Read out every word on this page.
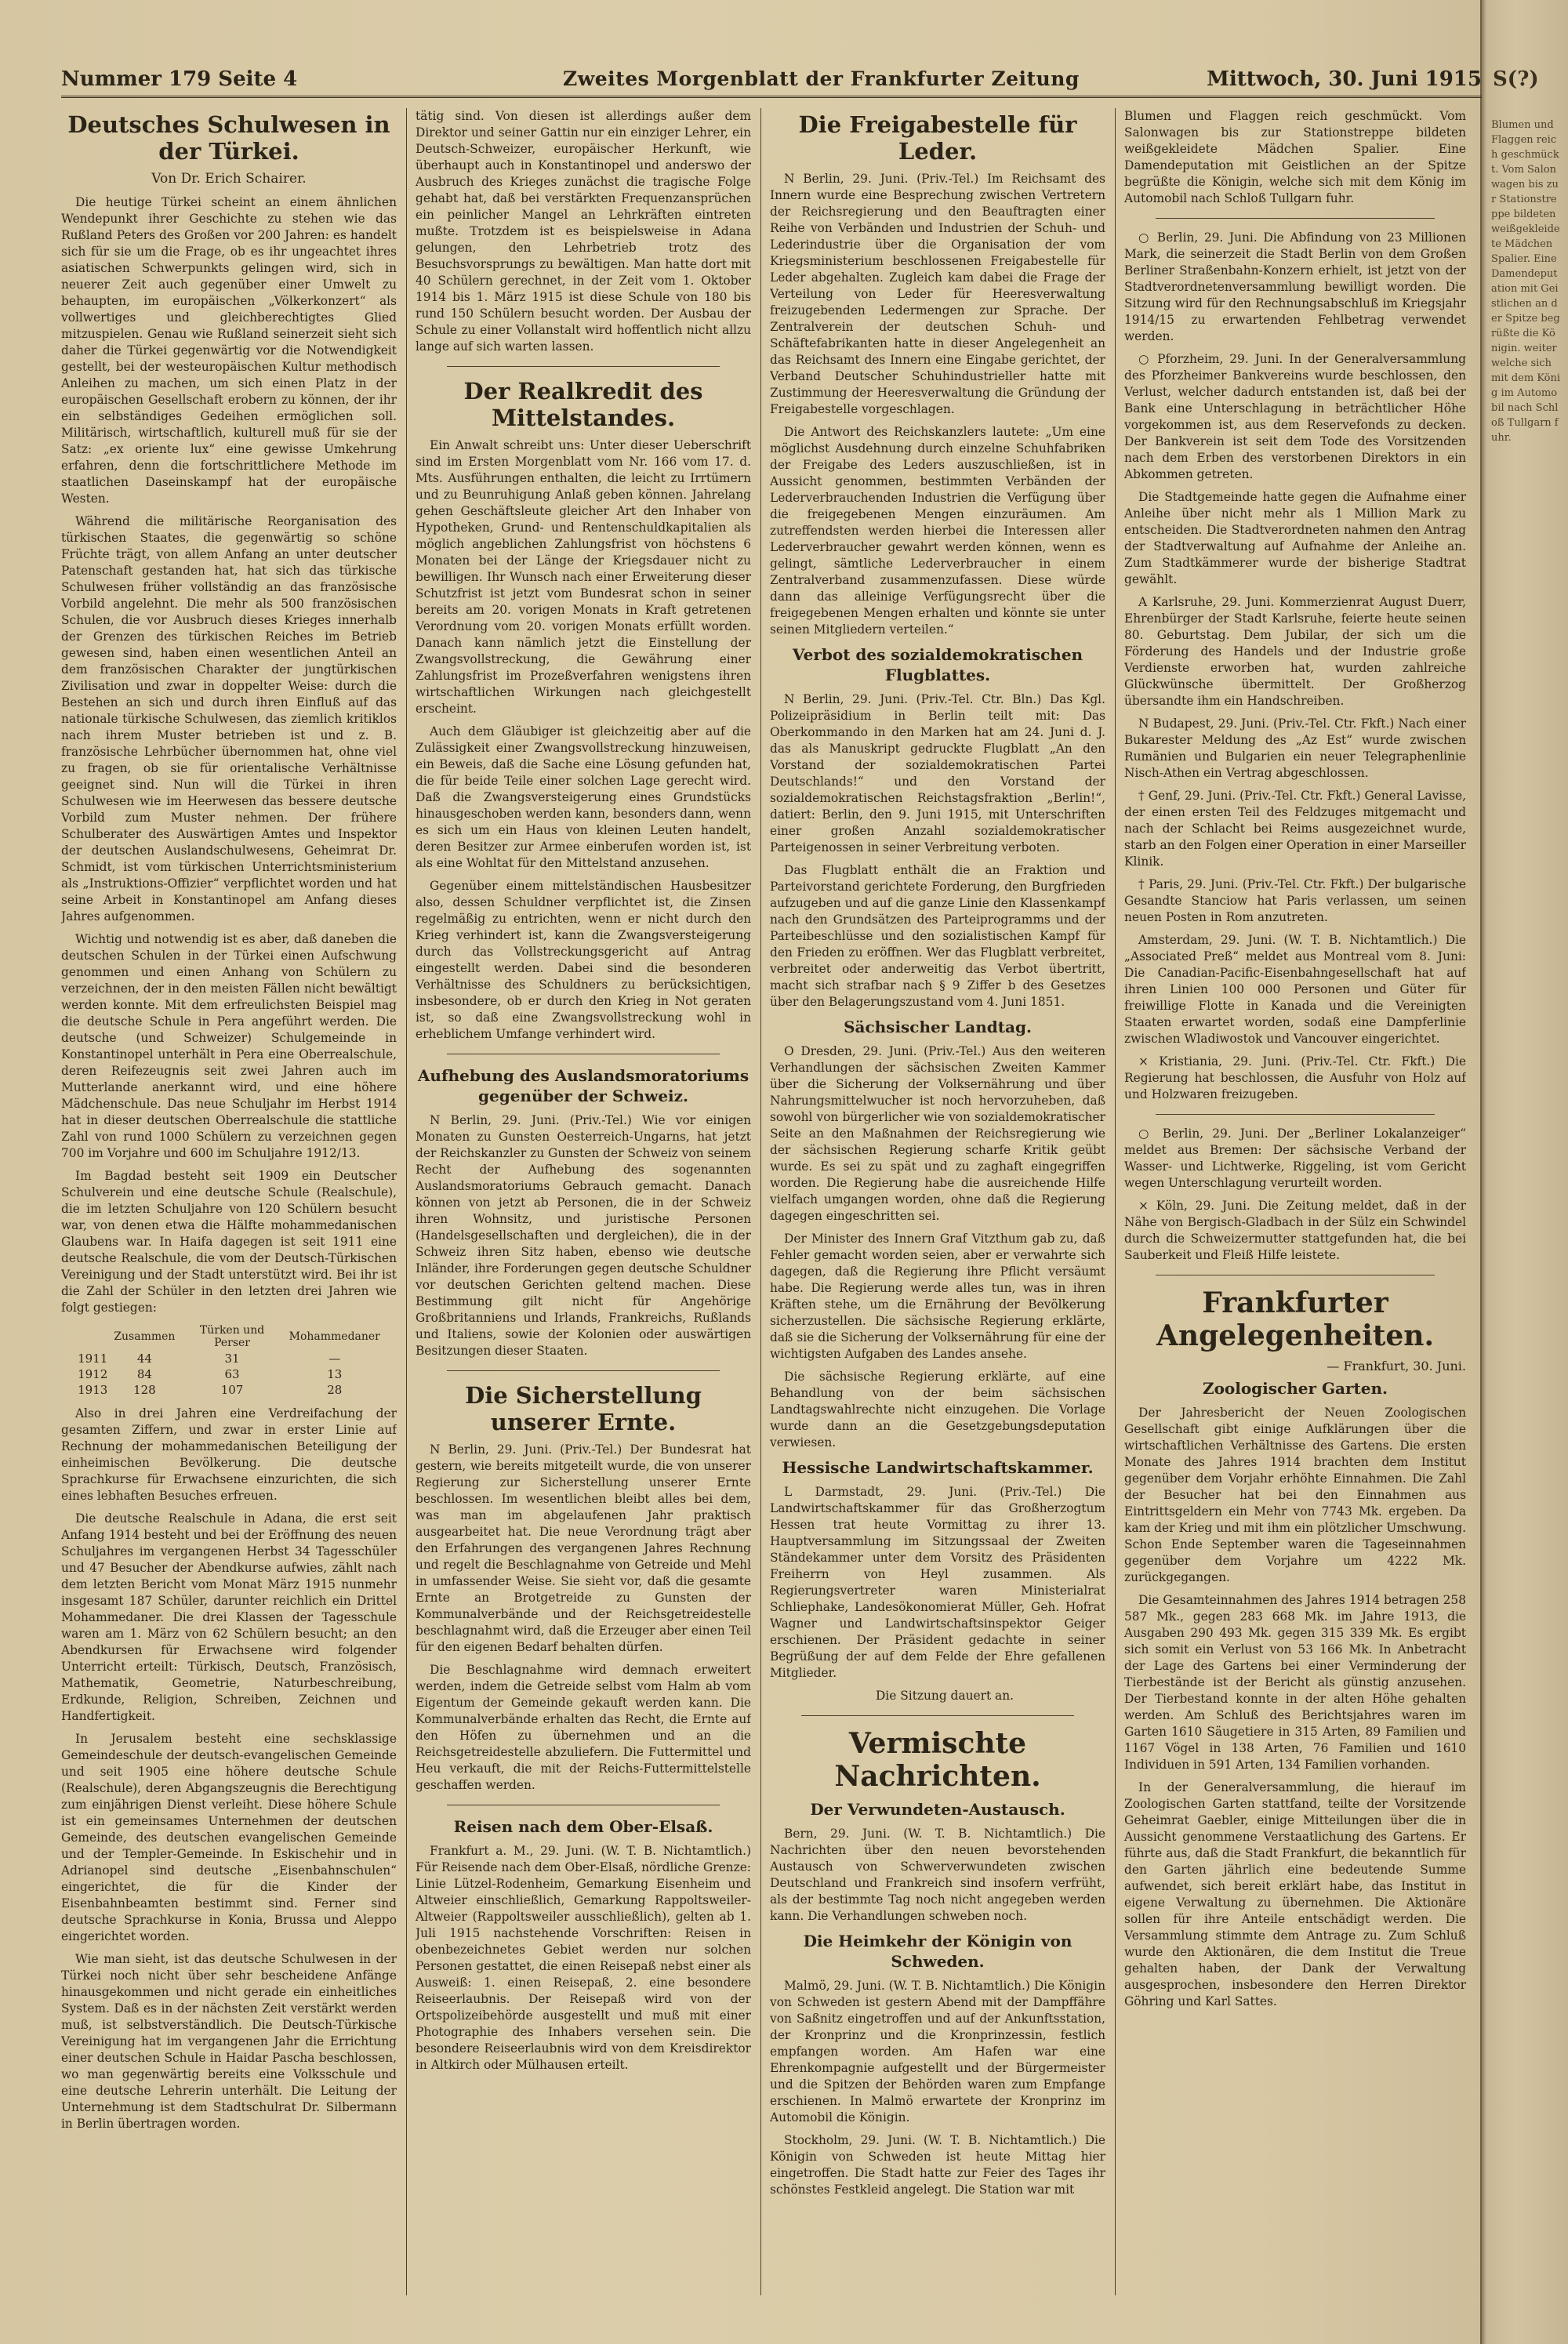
S(?)
Blumen und Flaggen reich geschmückt. Vom Salonwagen bis zur Stationstreppe bildeten weißgekleidete Mädchen Spalier. Eine Damendeputation mit Geistlichen an der Spitze begrüßte die Königin. weiter welche sich mit dem König im Automobil nach Schloß Tullgarn fuhr.
Nummer 179 Seite 4	Zweites Morgenblatt der Frankfurter Zeitung	Mittwoch, 30. Juni 1915
Deutsches Schulwesen in der Türkei.
Von Dr. Erich Schairer.

Die heutige Türkei scheint an einem ähnlichen Wendepunkt ihrer Geschichte zu stehen wie das Rußland Peters des Großen vor 200 Jahren: es handelt sich für sie um die Frage, ob es ihr ungeachtet ihres asiatischen Schwerpunkts gelingen wird, sich in neuerer Zeit auch gegenüber einer Umwelt zu behaupten, im europäischen „Völkerkonzert“ als vollwertiges und gleichberechtigtes Glied mitzuspielen. Genau wie Rußland seinerzeit sieht sich daher die Türkei gegenwärtig vor die Notwendigkeit gestellt, bei der westeuropäischen Kultur methodisch Anleihen zu machen, um sich einen Platz in der europäischen Gesellschaft erobern zu können, der ihr ein selbständiges Gedeihen ermöglichen soll. Militärisch, wirtschaftlich, kulturell muß für sie der Satz: „ex oriente lux“ eine gewisse Umkehrung erfahren, denn die fortschrittlichere Methode im staatlichen Daseinskampf hat der europäische Westen.

Während die militärische Reorganisation des türkischen Staates, die gegenwärtig so schöne Früchte trägt, von allem Anfang an unter deutscher Patenschaft gestanden hat, hat sich das türkische Schulwesen früher vollständig an das französische Vorbild angelehnt. Die mehr als 500 französischen Schulen, die vor Ausbruch dieses Krieges innerhalb der Grenzen des türkischen Reiches im Betrieb gewesen sind, haben einen wesentlichen Anteil an dem französischen Charakter der jungtürkischen Zivilisation und zwar in doppelter Weise: durch die Bestehen an sich und durch ihren Einfluß auf das nationale türkische Schulwesen, das ziemlich kritiklos nach ihrem Muster betrieben ist und z. B. französische Lehrbücher übernommen hat, ohne viel zu fragen, ob sie für orientalische Verhältnisse geeignet sind. Nun will die Türkei in ihren Schulwesen wie im Heerwesen das bessere deutsche Vorbild zum Muster nehmen. Der frühere Schulberater des Auswärtigen Amtes und Inspektor der deutschen Auslandschulwesens, Geheimrat Dr. Schmidt, ist vom türkischen Unterrichtsministerium als „Instruktions-Offizier“ verpflichtet worden und hat seine Arbeit in Konstantinopel am Anfang dieses Jahres aufgenommen.

Wichtig und notwendig ist es aber, daß daneben die deutschen Schulen in der Türkei einen Aufschwung genommen und einen Anhang von Schülern zu verzeichnen, der in den meisten Fällen nicht bewältigt werden konnte. Mit dem erfreulichsten Beispiel mag die deutsche Schule in Pera angeführt werden. Die deutsche (und Schweizer) Schulgemeinde in Konstantinopel unterhält in Pera eine Oberrealschule, deren Reifezeugnis seit zwei Jahren auch im Mutterlande anerkannt wird, und eine höhere Mädchenschule. Das neue Schuljahr im Herbst 1914 hat in dieser deutschen Oberrealschule die stattliche Zahl von rund 1000 Schülern zu verzeichnen gegen 700 im Vorjahre und 600 im Schuljahre 1912/13.

Im Bagdad besteht seit 1909 ein Deutscher Schulverein und eine deutsche Schule (Realschule), die im letzten Schuljahre von 120 Schülern besucht war, von denen etwa die Hälfte mohammedanischen Glaubens war. In Haifa dagegen ist seit 1911 eine deutsche Realschule, die vom der Deutsch-Türkischen Vereinigung und der Stadt unterstützt wird. Bei ihr ist die Zahl der Schüler in den letzten drei Jahren wie folgt gestiegen:

	Zusammen	Türken und Perser	Mohammedaner
1911	44	31	—
1912	84	63	13
1913	128	107	28

Also in drei Jahren eine Verdreifachung der gesamten Ziffern, und zwar in erster Linie auf Rechnung der mohammedanischen Beteiligung der einheimischen Bevölkerung. Die deutsche Sprachkurse für Erwachsene einzurichten, die sich eines lebhaften Besuches erfreuen.

Die deutsche Realschule in Adana, die erst seit Anfang 1914 besteht und bei der Eröffnung des neuen Schuljahres im vergangenen Herbst 34 Tagesschüler und 47 Besucher der Abendkurse aufwies, zählt nach dem letzten Bericht vom Monat März 1915 nunmehr insgesamt 187 Schüler, darunter reichlich ein Drittel Mohammedaner. Die drei Klassen der Tagesschule waren am 1. März von 62 Schülern besucht; an den Abendkursen für Erwachsene wird folgender Unterricht erteilt: Türkisch, Deutsch, Französisch, Mathematik, Geometrie, Naturbeschreibung, Erdkunde, Religion, Schreiben, Zeichnen und Handfertigkeit.

In Jerusalem besteht eine sechsklassige Gemeindeschule der deutsch-evangelischen Gemeinde und seit 1905 eine höhere deutsche Schule (Realschule), deren Abgangszeugnis die Berechtigung zum einjährigen Dienst verleiht. Diese höhere Schule ist ein gemeinsames Unternehmen der deutschen Gemeinde, des deutschen evangelischen Gemeinde und der Templer-Gemeinde. In Eskischehir und in Adrianopel sind deutsche „Eisenbahnschulen“ eingerichtet, die für die Kinder der Eisenbahnbeamten bestimmt sind. Ferner sind deutsche Sprachkurse in Konia, Brussa und Aleppo eingerichtet worden.

Wie man sieht, ist das deutsche Schulwesen in der Türkei noch nicht über sehr bescheidene Anfänge hinausgekommen und nicht gerade ein einheitliches System. Daß es in der nächsten Zeit verstärkt werden muß, ist selbstverständlich. Die Deutsch-Türkische Vereinigung hat im vergangenen Jahr die Errichtung einer deutschen Schule in Haidar Pascha beschlossen, wo man gegenwärtig bereits eine Volksschule und eine deutsche Lehrerin unterhält. Die Leitung der Unternehmung ist dem Stadtschulrat Dr. Silbermann in Berlin übertragen worden.

tätig sind. Von diesen ist allerdings außer dem Direktor und seiner Gattin nur ein einziger Lehrer, ein Deutsch-Schweizer, europäischer Herkunft, wie überhaupt auch in Konstantinopel und anderswo der Ausbruch des Krieges zunächst die tragische Folge gehabt hat, daß bei verstärkten Frequenzansprüchen ein peinlicher Mangel an Lehrkräften eintreten mußte. Trotzdem ist es beispielsweise in Adana gelungen, den Lehrbetrieb trotz des Besuchsvorsprungs zu bewältigen. Man hatte dort mit 40 Schülern gerechnet, in der Zeit vom 1. Oktober 1914 bis 1. März 1915 ist diese Schule von 180 bis rund 150 Schülern besucht worden. Der Ausbau der Schule zu einer Vollanstalt wird hoffentlich nicht allzu lange auf sich warten lassen.

Der Realkredit des Mittelstandes.

Ein Anwalt schreibt uns: Unter dieser Ueberschrift sind im Ersten Morgenblatt vom Nr. 166 vom 17. d. Mts. Ausführungen enthalten, die leicht zu Irrtümern und zu Beunruhigung Anlaß geben können. Jahrelang gehen Geschäftsleute gleicher Art den Inhaber von Hypotheken, Grund- und Rentenschuldkapitalien als möglich angeblichen Zahlungsfrist von höchstens 6 Monaten bei der Länge der Kriegsdauer nicht zu bewilligen. Ihr Wunsch nach einer Erweiterung dieser Schutzfrist ist jetzt vom Bundesrat schon in seiner bereits am 20. vorigen Monats in Kraft getretenen Verordnung vom 20. vorigen Monats erfüllt worden. Danach kann nämlich jetzt die Einstellung der Zwangsvollstreckung, die Gewährung einer Zahlungsfrist im Prozeßverfahren wenigstens ihren wirtschaftlichen Wirkungen nach gleichgestellt erscheint.

Auch dem Gläubiger ist gleichzeitig aber auf die Zulässigkeit einer Zwangsvollstreckung hinzuweisen, ein Beweis, daß die Sache eine Lösung gefunden hat, die für beide Teile einer solchen Lage gerecht wird. Daß die Zwangsversteigerung eines Grundstücks hinausgeschoben werden kann, besonders dann, wenn es sich um ein Haus von kleinen Leuten handelt, deren Besitzer zur Armee einberufen worden ist, ist als eine Wohltat für den Mittelstand anzusehen.

Gegenüber einem mittelständischen Hausbesitzer also, dessen Schuldner verpflichtet ist, die Zinsen regelmäßig zu entrichten, wenn er nicht durch den Krieg verhindert ist, kann die Zwangsversteigerung durch das Vollstreckungsgericht auf Antrag eingestellt werden. Dabei sind die besonderen Verhältnisse des Schuldners zu berücksichtigen, insbesondere, ob er durch den Krieg in Not geraten ist, so daß eine Zwangsvollstreckung wohl in erheblichem Umfange verhindert wird.

Aufhebung des Auslandsmoratoriums gegenüber der Schweiz.

N Berlin, 29. Juni. (Priv.-Tel.) Wie vor einigen Monaten zu Gunsten Oesterreich-Ungarns, hat jetzt der Reichskanzler zu Gunsten der Schweiz von seinem Recht der Aufhebung des sogenannten Auslandsmoratoriums Gebrauch gemacht. Danach können von jetzt ab Personen, die in der Schweiz ihren Wohnsitz, und juristische Personen (Handelsgesellschaften und dergleichen), die in der Schweiz ihren Sitz haben, ebenso wie deutsche Inländer, ihre Forderungen gegen deutsche Schuldner vor deutschen Gerichten geltend machen. Diese Bestimmung gilt nicht für Angehörige Großbritanniens und Irlands, Frankreichs, Rußlands und Italiens, sowie der Kolonien oder auswärtigen Besitzungen dieser Staaten.

Die Sicherstellung unserer Ernte.

N Berlin, 29. Juni. (Priv.-Tel.) Der Bundesrat hat gestern, wie bereits mitgeteilt wurde, die von unserer Regierung zur Sicherstellung unserer Ernte beschlossen. Im wesentlichen bleibt alles bei dem, was man im abgelaufenen Jahr praktisch ausgearbeitet hat. Die neue Verordnung trägt aber den Erfahrungen des vergangenen Jahres Rechnung und regelt die Beschlagnahme von Getreide und Mehl in umfassender Weise. Sie sieht vor, daß die gesamte Ernte an Brotgetreide zu Gunsten der Kommunalverbände und der Reichsgetreidestelle beschlagnahmt wird, daß die Erzeuger aber einen Teil für den eigenen Bedarf behalten dürfen.

Die Beschlagnahme wird demnach erweitert werden, indem die Getreide selbst vom Halm ab vom Eigentum der Gemeinde gekauft werden kann. Die Kommunalverbände erhalten das Recht, die Ernte auf den Höfen zu übernehmen und an die Reichsgetreidestelle abzuliefern. Die Futtermittel und Heu verkauft, die mit der Reichs-Futtermittelstelle geschaffen werden.

Reisen nach dem Ober-Elsaß.

Frankfurt a. M., 29. Juni. (W. T. B. Nichtamtlich.) Für Reisende nach dem Ober-Elsaß, nördliche Grenze: Linie Lützel-Rodenheim, Gemarkung Eisenheim und Altweier einschließlich, Gemarkung Rappoltsweiler-Altweier (Rappoltsweiler ausschließlich), gelten ab 1. Juli 1915 nachstehende Vorschriften: Reisen in obenbezeichnetes Gebiet werden nur solchen Personen gestattet, die einen Reisepaß nebst einer als Ausweiß: 1. einen Reisepaß, 2. eine besondere Reiseerlaubnis. Der Reisepaß wird von der Ortspolizeibehörde ausgestellt und muß mit einer Photographie des Inhabers versehen sein. Die besondere Reiseerlaubnis wird von dem Kreisdirektor in Altkirch oder Mülhausen erteilt.

Die Freigabestelle für Leder.

N Berlin, 29. Juni. (Priv.-Tel.) Im Reichsamt des Innern wurde eine Besprechung zwischen Vertretern der Reichsregierung und den Beauftragten einer Reihe von Verbänden und Industrien der Schuh- und Lederindustrie über die Organisation der vom Kriegsministerium beschlossenen Freigabestelle für Leder abgehalten. Zugleich kam dabei die Frage der Verteilung von Leder für Heeresverwaltung freizugebenden Ledermengen zur Sprache. Der Zentralverein der deutschen Schuh- und Schäftefabrikanten hatte in dieser Angelegenheit an das Reichsamt des Innern eine Eingabe gerichtet, der Verband Deutscher Schuhindustrieller hatte mit Zustimmung der Heeresverwaltung die Gründung der Freigabestelle vorgeschlagen.

Die Antwort des Reichskanzlers lautete: „Um eine möglichst Ausdehnung durch einzelne Schuhfabriken der Freigabe des Leders auszuschließen, ist in Aussicht genommen, bestimmten Verbänden der Lederverbrauchenden Industrien die Verfügung über die freigegebenen Mengen einzuräumen. Am zutreffendsten werden hierbei die Interessen aller Lederverbraucher gewahrt werden können, wenn es gelingt, sämtliche Lederverbraucher in einem Zentralverband zusammenzufassen. Diese würde dann das alleinige Verfügungsrecht über die freigegebenen Mengen erhalten und könnte sie unter seinen Mitgliedern verteilen.“

Verbot des sozialdemokratischen Flugblattes.

N Berlin, 29. Juni. (Priv.-Tel. Ctr. Bln.) Das Kgl. Polizeipräsidium in Berlin teilt mit: Das Oberkommando in den Marken hat am 24. Juni d. J. das als Manuskript gedruckte Flugblatt „An den Vorstand der sozialdemokratischen Partei Deutschlands!“ und den Vorstand der sozialdemokratischen Reichstagsfraktion „Berlin!“, datiert: Berlin, den 9. Juni 1915, mit Unterschriften einer großen Anzahl sozialdemokratischer Parteigenossen in seiner Verbreitung verboten.

Das Flugblatt enthält die an Fraktion und Parteivorstand gerichtete Forderung, den Burgfrieden aufzugeben und auf die ganze Linie den Klassenkampf nach den Grundsätzen des Parteiprogramms und der Parteibeschlüsse und den sozialistischen Kampf für den Frieden zu eröffnen. Wer das Flugblatt verbreitet, verbreitet oder anderweitig das Verbot übertritt, macht sich strafbar nach § 9 Ziffer b des Gesetzes über den Belagerungszustand vom 4. Juni 1851.

Sächsischer Landtag.

O Dresden, 29. Juni. (Priv.-Tel.) Aus den weiteren Verhandlungen der sächsischen Zweiten Kammer über die Sicherung der Volksernährung und über Nahrungsmittelwucher ist noch hervorzuheben, daß sowohl von bürgerlicher wie von sozialdemokratischer Seite an den Maßnahmen der Reichsregierung wie der sächsischen Regierung scharfe Kritik geübt wurde. Es sei zu spät und zu zaghaft eingegriffen worden. Die Regierung habe die ausreichende Hilfe vielfach umgangen worden, ohne daß die Regierung dagegen eingeschritten sei.

Der Minister des Innern Graf Vitzthum gab zu, daß Fehler gemacht worden seien, aber er verwahrte sich dagegen, daß die Regierung ihre Pflicht versäumt habe. Die Regierung werde alles tun, was in ihren Kräften stehe, um die Ernährung der Bevölkerung sicherzustellen. Die sächsische Regierung erklärte, daß sie die Sicherung der Volksernährung für eine der wichtigsten Aufgaben des Landes ansehe.

Die sächsische Regierung erklärte, auf eine Behandlung von der beim sächsischen Landtagswahlrechte nicht einzugehen. Die Vorlage wurde dann an die Gesetzgebungsdeputation verwiesen.

Hessische Landwirtschaftskammer.

L Darmstadt, 29. Juni. (Priv.-Tel.) Die Landwirtschaftskammer für das Großherzogtum Hessen trat heute Vormittag zu ihrer 13. Hauptversammlung im Sitzungssaal der Zweiten Ständekammer unter dem Vorsitz des Präsidenten Freiherrn von Heyl zusammen. Als Regierungsvertreter waren Ministerialrat Schliephake, Landesökonomierat Müller, Geh. Hofrat Wagner und Landwirtschaftsinspektor Geiger erschienen. Der Präsident gedachte in seiner Begrüßung der auf dem Felde der Ehre gefallenen Mitglieder.

Die Sitzung dauert an.

Vermischte Nachrichten.
Der Verwundeten-Austausch.

Bern, 29. Juni. (W. T. B. Nichtamtlich.) Die Nachrichten über den neuen bevorstehenden Austausch von Schwerverwundeten zwischen Deutschland und Frankreich sind insofern verfrüht, als der bestimmte Tag noch nicht angegeben werden kann. Die Verhandlungen schweben noch.

Die Heimkehr der Königin von Schweden.

Malmö, 29. Juni. (W. T. B. Nichtamtlich.) Die Königin von Schweden ist gestern Abend mit der Dampffähre von Saßnitz eingetroffen und auf der Ankunftsstation, der Kronprinz und die Kronprinzessin, festlich empfangen worden. Am Hafen war eine Ehrenkompagnie aufgestellt und der Bürgermeister und die Spitzen der Behörden waren zum Empfange erschienen. In Malmö erwartete der Kronprinz im Automobil die Königin.

Stockholm, 29. Juni. (W. T. B. Nichtamtlich.) Die Königin von Schweden ist heute Mittag hier eingetroffen. Die Stadt hatte zur Feier des Tages ihr schönstes Festkleid angelegt. Die Station war mit

Blumen und Flaggen reich geschmückt. Vom Salonwagen bis zur Stationstreppe bildeten weißgekleidete Mädchen Spalier. Eine Damendeputation mit Geistlichen an der Spitze begrüßte die Königin, welche sich mit dem König im Automobil nach Schloß Tullgarn fuhr.

○ Berlin, 29. Juni. Die Abfindung von 23 Millionen Mark, die seinerzeit die Stadt Berlin von dem Großen Berliner Straßenbahn-Konzern erhielt, ist jetzt von der Stadtverordnetenversammlung bewilligt worden. Die Sitzung wird für den Rechnungsabschluß im Kriegsjahr 1914/15 zu erwartenden Fehlbetrag verwendet werden.

○ Pforzheim, 29. Juni. In der Generalversammlung des Pforzheimer Bankvereins wurde beschlossen, den Verlust, welcher dadurch entstanden ist, daß bei der Bank eine Unterschlagung in beträchtlicher Höhe vorgekommen ist, aus dem Reservefonds zu decken. Der Bankverein ist seit dem Tode des Vorsitzenden nach dem Erben des verstorbenen Direktors in ein Abkommen getreten.

Die Stadtgemeinde hatte gegen die Aufnahme einer Anleihe über nicht mehr als 1 Million Mark zu entscheiden. Die Stadtverordneten nahmen den Antrag der Stadtverwaltung auf Aufnahme der Anleihe an. Zum Stadtkämmerer wurde der bisherige Stadtrat gewählt.

A Karlsruhe, 29. Juni. Kommerzienrat August Duerr, Ehrenbürger der Stadt Karlsruhe, feierte heute seinen 80. Geburtstag. Dem Jubilar, der sich um die Förderung des Handels und der Industrie große Verdienste erworben hat, wurden zahlreiche Glückwünsche übermittelt. Der Großherzog übersandte ihm ein Handschreiben.

N Budapest, 29. Juni. (Priv.-Tel. Ctr. Fkft.) Nach einer Bukarester Meldung des „Az Est“ wurde zwischen Rumänien und Bulgarien ein neuer Telegraphenlinie Nisch-Athen ein Vertrag abgeschlossen.

† Genf, 29. Juni. (Priv.-Tel. Ctr. Fkft.) General Lavisse, der einen ersten Teil des Feldzuges mitgemacht und nach der Schlacht bei Reims ausgezeichnet wurde, starb an den Folgen einer Operation in einer Marseiller Klinik.

† Paris, 29. Juni. (Priv.-Tel. Ctr. Fkft.) Der bulgarische Gesandte Stanciow hat Paris verlassen, um seinen neuen Posten in Rom anzutreten.

Amsterdam, 29. Juni. (W. T. B. Nichtamtlich.) Die „Associated Preß“ meldet aus Montreal vom 8. Juni: Die Canadian-Pacific-Eisenbahngesellschaft hat auf ihren Linien 100 000 Personen und Güter für freiwillige Flotte in Kanada und die Vereinigten Staaten erwartet worden, sodaß eine Dampferlinie zwischen Wladiwostok und Vancouver eingerichtet.

× Kristiania, 29. Juni. (Priv.-Tel. Ctr. Fkft.) Die Regierung hat beschlossen, die Ausfuhr von Holz auf und Holzwaren freizugeben.

○ Berlin, 29. Juni. Der „Berliner Lokalanzeiger“ meldet aus Bremen: Der sächsische Verband der Wasser- und Lichtwerke, Riggeling, ist vom Gericht wegen Unterschlagung verurteilt worden.

× Köln, 29. Juni. Die Zeitung meldet, daß in der Nähe von Bergisch-Gladbach in der Sülz ein Schwindel durch die Schweizermutter stattgefunden hat, die bei Sauberkeit und Fleiß Hilfe leistete.

Frankfurter Angelegenheiten.
— Frankfurt, 30. Juni.
Zoologischer Garten.

Der Jahresbericht der Neuen Zoologischen Gesellschaft gibt einige Aufklärungen über die wirtschaftlichen Verhältnisse des Gartens. Die ersten Monate des Jahres 1914 brachten dem Institut gegenüber dem Vorjahr erhöhte Einnahmen. Die Zahl der Besucher hat bei den Einnahmen aus Eintrittsgeldern ein Mehr von 7743 Mk. ergeben. Da kam der Krieg und mit ihm ein plötzlicher Umschwung. Schon Ende September waren die Tageseinnahmen gegenüber dem Vorjahre um 4222 Mk. zurückgegangen.

Die Gesamteinnahmen des Jahres 1914 betragen 258 587 Mk., gegen 283 668 Mk. im Jahre 1913, die Ausgaben 290 493 Mk. gegen 315 339 Mk. Es ergibt sich somit ein Verlust von 53 166 Mk. In Anbetracht der Lage des Gartens bei einer Verminderung der Tierbestände ist der Bericht als günstig anzusehen. Der Tierbestand konnte in der alten Höhe gehalten werden. Am Schluß des Berichtsjahres waren im Garten 1610 Säugetiere in 315 Arten, 89 Familien und 1167 Vögel in 138 Arten, 76 Familien und 1610 Individuen in 591 Arten, 134 Familien vorhanden.

In der Generalversammlung, die hierauf im Zoologischen Garten stattfand, teilte der Vorsitzende Geheimrat Gaebler, einige Mitteilungen über die in Aussicht genommene Verstaatlichung des Gartens. Er führte aus, daß die Stadt Frankfurt, die bekanntlich für den Garten jährlich eine bedeutende Summe aufwendet, sich bereit erklärt habe, das Institut in eigene Verwaltung zu übernehmen. Die Aktionäre sollen für ihre Anteile entschädigt werden. Die Versammlung stimmte dem Antrage zu. Zum Schluß wurde den Aktionären, die dem Institut die Treue gehalten haben, der Dank der Verwaltung ausgesprochen, insbesondere den Herren Direktor Göhring und Karl Sattes.
